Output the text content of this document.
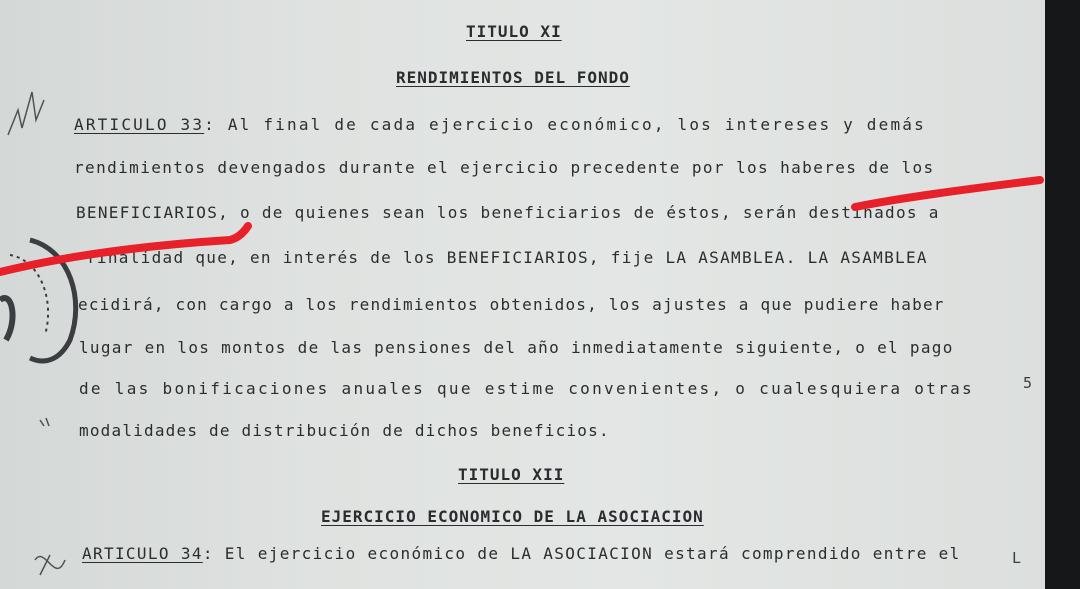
TITULO XI
RENDIMIENTOS DEL FONDO
ARTICULO 33: Al final de cada ejercicio económico, los intereses y demás
rendimientos devengados durante el ejercicio precedente por los haberes de los
BENEFICIARIOS, o de quienes sean los beneficiarios de éstos, serán destinados a
finalidad que, en interés de los BENEFICIARIOS, fije LA ASAMBLEA. LA ASAMBLEA
ecidirá, con cargo a los rendimientos obtenidos, los ajustes a que pudiere haber
lugar en los montos de las pensiones del año inmediatamente siguiente, o el pago
de las bonificaciones anuales que estime convenientes, o cualesquiera otras
modalidades de distribución de dichos beneficios.
TITULO XII
EJERCICIO ECONOMICO DE LA ASOCIACION
ARTICULO 34: El ejercicio económico de LA ASOCIACION estará comprendido entre el
5
L
